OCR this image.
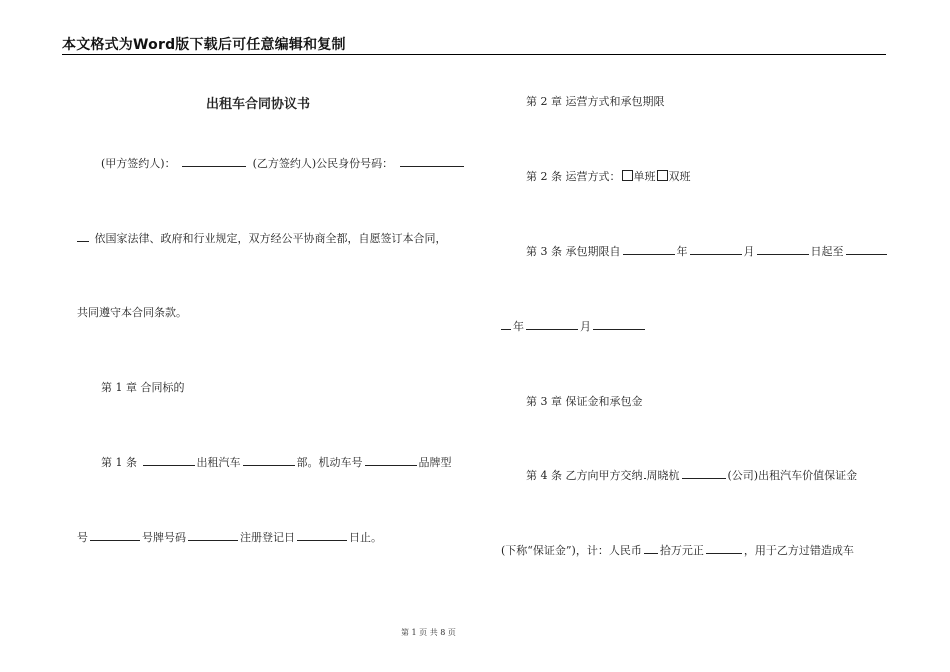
本文格式为Word版下载后可任意编辑和复制
出租车合同协议书
(甲方签约人)：	(乙方签约人)公民身份号码：
依国家法律、政府和行业规定，双方经公平协商全都，自愿签订本合同，
共同遵守本合同条款。
第 1 章 合同标的
第 1 条	出租汽车	部。机动车号	品牌型
号	号牌号码	注册登记日	日止。
第 2 章 运营方式和承包期限
第 2 条 运营方式： 单班 双班
第 3 条 承包期限自	年	月	日起至
年	月
第 3 章 保证金和承包金
第 4 条 乙方向甲方交纳 周晓杭	(公司)出租汽车价值保证金
(下称“保证金”)，计：人民币 拾万元正	，用于乙方过错造成车
第 1 页 共 8 页
